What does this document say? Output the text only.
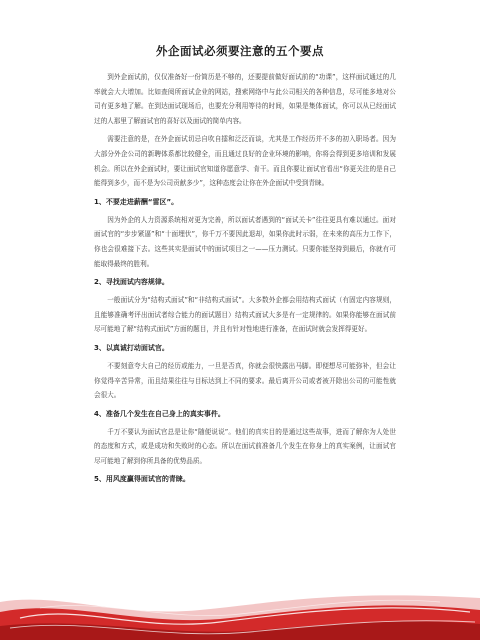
外企面试必须要注意的五个要点

到外企面试前，仅仅准备好一份简历是不够的，还要提前做好面试前的“功课”，这样面试通过的几率就会大大增加。比如查阅所面试企业的网站，搜索网络中与此公司相关的各种信息，尽可能多地对公司有更多地了解。在到达面试现场后，也要充分利用等待的时间，如果是集体面试，你可以从已经面试过的人那里了解面试官的喜好以及面试的简单内容。

需要注意的是，在外企面试切忌自吹自擂和泛泛而谈，尤其是工作经历并不多的初入职场者。因为大部分外企公司的新聘体系都比较健全，而且通过良好的企业环境的影响，你将会得到更多培训和发展机会。所以在外企面试时，要让面试官知道你愿意学、肯干。而且你要让面试官看出“你更关注的是自己能得到多少，而不是为公司贡献多少”，这种态度会让你在外企面试中受到青睐。

1、不要走进薪酬“雷区”。

因为外企的人力资源系统相对更为完善，所以面试者遇到的“面试关卡”往往更具有难以通过。面对面试官的“步步紧逼”和“十面埋伏”，你千万不要因此退却，如果你此时示弱，在未来的高压力工作下，你也会很难接下去。这些其实是面试中的面试项目之一——压力测试。只要你能坚持到最后，你就有可能取得最终的胜利。

2、寻找面试内容规律。

一般面试分为“结构式面试”和“非结构式面试”。大多数外企都会用结构式面试（有固定内容规则，且能够准确考评出面试者综合能力的面试题目）结构式面试大多是有一定规律的。如果你能够在面试前尽可能地了解“结构式面试”方面的题目，并且有针对性地进行准备，在面试时就会发挥得更好。

3、以真诚打动面试官。

不要刻意夸大自己的经历或能力，一旦是否真，你就会很快露出马脚。即便想尽可能弥补，但会让你觉得辛苦异常，而且结果往往与目标达到上不同的要求。最后离开公司或者被开除出公司的可能性就会很大。

4、准备几个发生在自己身上的真实事件。

千万不要认为面试官总是让你“随便说说”。他们的真实目的是通过这些故事，进而了解你为人处世的态度和方式，或是成功和失败时的心态。所以在面试前准备几个发生在你身上的真实案例，让面试官尽可能地了解到你所具备的优势品质。

5、用风度赢得面试官的青睐。
